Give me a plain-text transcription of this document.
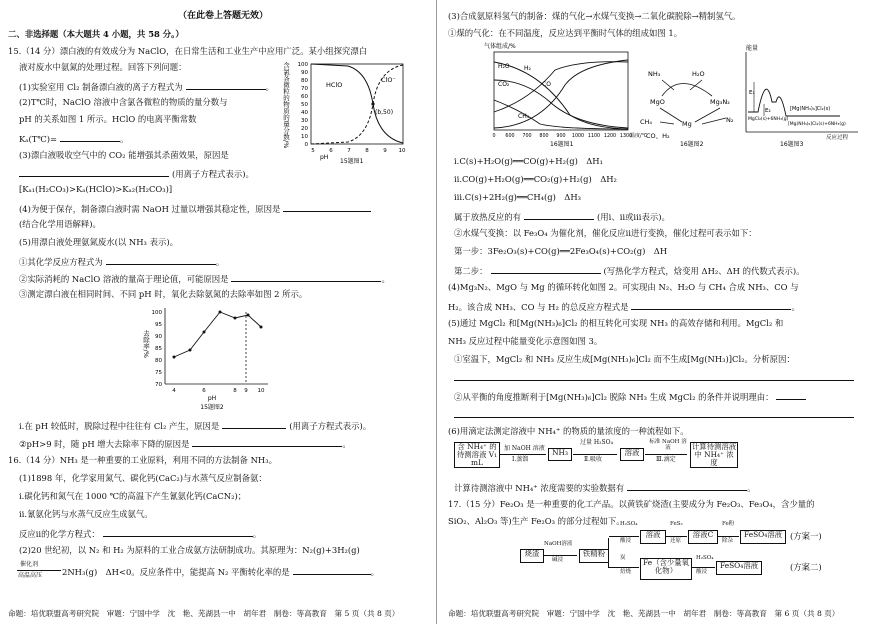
（在此卷上答题无效）
二、非选择题（本大题共 4 小题，共 58 分。）
15.（14 分）漂白液的有效成分为 NaClO，在日常生活和工业生产中应用广泛。某小组探究漂白
液对废水中氨氮的处理过程。回答下列问题：
(1)实验室用 Cl₂ 制备漂白液的离子方程式为	。
(2)T℃时，NaClO 溶液中含氯各微粒的物质的量分数与
pH 的关系如图 1 所示。HClO 的电离平衡常数
Kₐ(T℃)=	。
(3)漂白液吸收空气中的 CO₂ 能增强其杀菌效果，原因是
(用离子方程式表示)。
[Kₐ₁(H₂CO₃)>Kₐ(HClO)>Kₐ₂(H₂CO₃)]
(4)为便于保存，制备漂白液时需 NaOH 过量以增强其稳定性，原因是
(结合化学用语解释)。
(5)用漂白液处理氨氮废水(以 NH₃ 表示)。
①其化学反应方程式为	。
②实际消耗的 NaClO 溶液的量高于理论值，可能原因是	。
③测定漂白液在相同时间、不同 pH 时，氧化去除氨氮的去除率如图 2 所示。
含氯各微粒的物质的量分数/% 100
90
80
70
60
50
40
30
20
10
0
HClO
ClO⁻
(b,50)
5	6	7	8	9 10
pH
15题图1
去除率/%
100
95
90
85
80
75
70
4	6	8 9 10
pH
15题图2
i.在 pH 较低时，脱除过程中往往有 Cl₂ 产生，原因是	(用离子方程式表示)。
②pH>9 时，随 pH 增大去除率下降的原因是	。
16.（14 分）NH₃ 是一种重要的工业原料，利用不同的方法制备 NH₃。
(1)1898 年，化学家用氮气、碳化钙(CaC₂)与水蒸气反应制备氨：
ⅰ.碳化钙和氮气在 1000 ℃的高温下产生氰氨化钙(CaCN₂)；
ⅱ.氰氨化钙与水蒸气反应生成氨气。
反应ⅱ的化学方程式：	。
(2)20 世纪初，以 N₂ 和 H₂ 为原料的工业合成氨方法研制成功。其原理为：N₂(g)+3H₂(g)
催化剂
高温高压 2NH₃(g)　ΔH<0。反应条件中，能提高 N₂ 平衡转化率的是	。
命题：培优联盟高考研究院　审题：宁国中学　沈　艳、芜湖县一中　胡年君　制卷：等高教育　第 5 页（共 8 页）
(3)合成氨原料氢气的制备：煤的气化→水煤气变换→二氧化碳脱除→精制氢气。
①煤的气化：在不同温度，反应达到平衡时气体的组成如图 1。
气体组成/%
H₂O
CO₂
H₂
CO
CH₄
0 600 700 800 900 1000 1100 1200 1300
温度/℃
16题图1
NH₃	H₂O
MgO	Mg₃N₂
CH₄	Mg	N₂
CO、H₂
16题图2
能量
E₁
E₂	[Mg(NH₃)₆]Cl₂(s)
MgCl₂(s)+6NH₃(g)
[Mg(NH₃)₆]Cl₂(s)+6NH₃(g)
反应过程
16题图3
ⅰ.C(s)+H₂O(g)══CO(g)+H₂(g)　ΔH₁
ⅱ.CO(g)+H₂O(g)══CO₂(g)+H₂(g)　ΔH₂
ⅲ.C(s)+2H₂(g)══CH₄(g)　ΔH₃
属于放热反应的有	(用ⅰ、ⅱ或ⅲ表示)。
②水煤气变换：以 Fe₃O₄ 为催化剂，催化反应ⅱ进行变换，催化过程可表示如下：
第一步：3Fe₂O₃(s)+CO(g)══2Fe₃O₄(s)+CO₂(g)　ΔH
第二步：	(写热化学方程式，焓变用 ΔH₂、ΔH 的代数式表示)。
(4)Mg₃N₂、MgO 与 Mg 的循环转化如图 2。可实现由 N₂、H₂O 与 CH₄ 合成 NH₃、CO 与
H₂。该合成 NH₃、CO 与 H₂ 的总反应方程式是	。
(5)通过 MgCl₂ 和[Mg(NH₃)₆]Cl₂ 的相互转化可实现 NH₃ 的高效存储和利用。MgCl₂ 和
NH₃ 反应过程中能量变化示意图如图 3。
①室温下，MgCl₂ 和 NH₃ 反应生成[Mg(NH₃)₆]Cl₂ 而不生成[Mg(NH₃)]Cl₂。分析原因：
②从平衡的角度推断利于[Mg(NH₃)₆]Cl₂ 脱除 NH₃ 生成 MgCl₂ 的条件并说明理由：
(6)用滴定法测定溶液中 NH₄⁺ 的物质的量浓度的一种流程如下。
含 NH₄⁺ 的待测溶液 V₁ mL
加 NaOH 溶液
Ⅰ.蒸馏
NH₃
过量 H₂SO₄
Ⅱ.吸收
溶液
标准 NaOH 溶液
Ⅲ.滴定
计算待测溶液中 NH₄⁺ 浓度
计算待测溶液中 NH₄⁺ 浓度需要的实验数据有	。
17.（15 分）Fe₂O₃ 是一种重要的化工产品。以黄铁矿烧渣(主要成分为 Fe₂O₃、Fe₃O₄，含少量的
SiO₂、Al₂O₃ 等)生产 Fe₂O₃ 的部分过程如下。
烧渣
NaOH溶液
碱浸
铁精粉
H₂SO₄
酸浸
溶液
FeS₂
还原
溶液C
Fe粉
除杂
FeSO₄溶液 (方案一)
炭
焙烧
Fe（含少量氧化物）
H₂SO₄
酸浸
FeSO₄溶液	(方案二)
命题：培优联盟高考研究院　审题：宁国中学　沈　艳、芜湖县一中　胡年君　制卷：等高教育　第 6 页（共 8 页）
